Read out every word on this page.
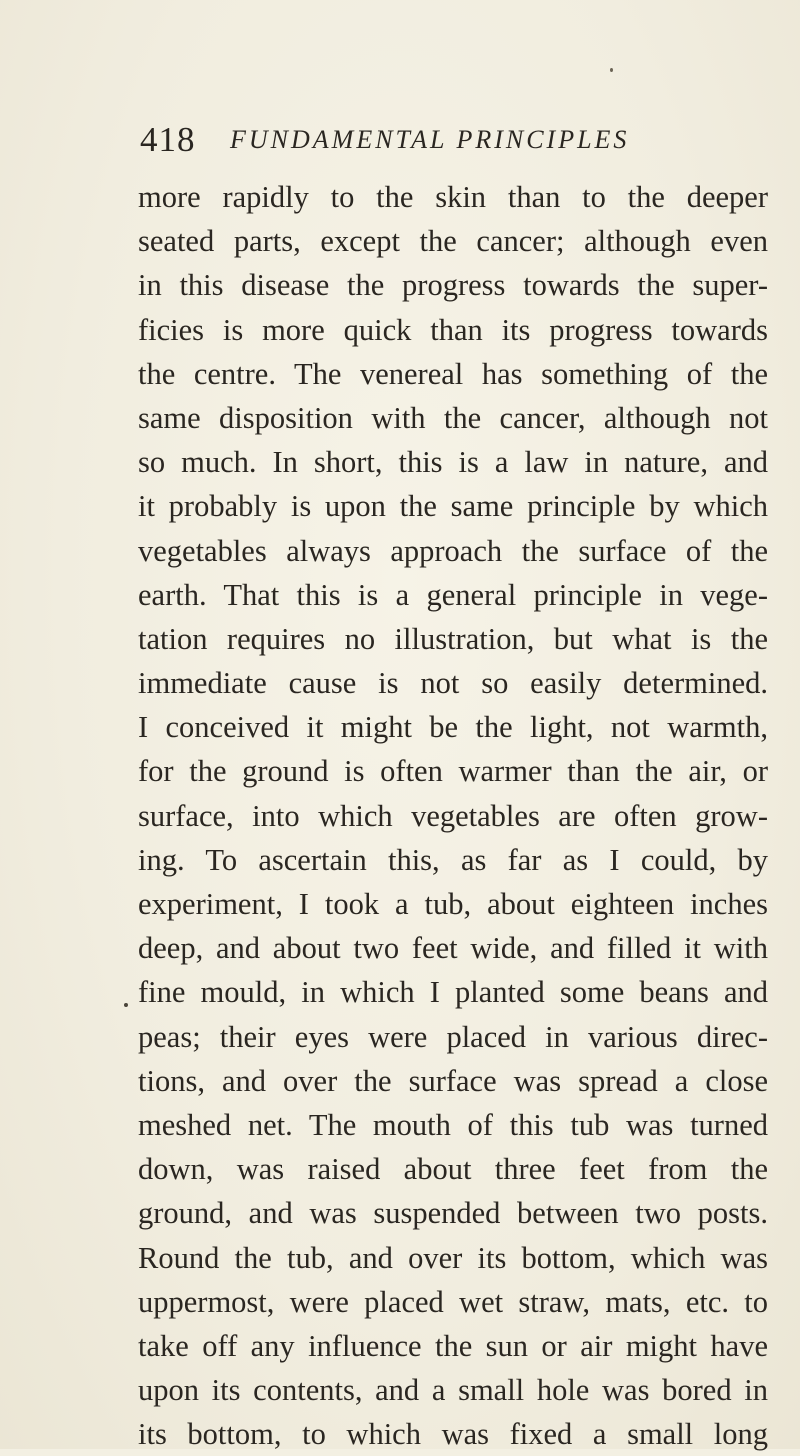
418 FUNDAMENTAL PRINCIPLES
more rapidly to the skin than to the deeper
seated parts, except the cancer; although even
in this disease the progress towards the super-
ficies is more quick than its progress towards
the centre. The venereal has something of the
same disposition with the cancer, although not
so much. In short, this is a law in nature, and
it probably is upon the same principle by which
vegetables always approach the surface of the
earth. That this is a general principle in vege-
tation requires no illustration, but what is the
immediate cause is not so easily determined.
I conceived it might be the light, not warmth,
for the ground is often warmer than the air, or
surface, into which vegetables are often grow-
ing. To ascertain this, as far as I could, by
experiment, I took a tub, about eighteen inches
deep, and about two feet wide, and filled it with
fine mould, in which I planted some beans and
peas; their eyes were placed in various direc-
tions, and over the surface was spread a close
meshed net. The mouth of this tub was turned
down, was raised about three feet from the
ground, and was suspended between two posts.
Round the tub, and over its bottom, which was
uppermost, were placed wet straw, mats, etc. to
take off any influence the sun or air might have
upon its contents, and a small hole was bored in
its bottom, to which was fixed a small long
